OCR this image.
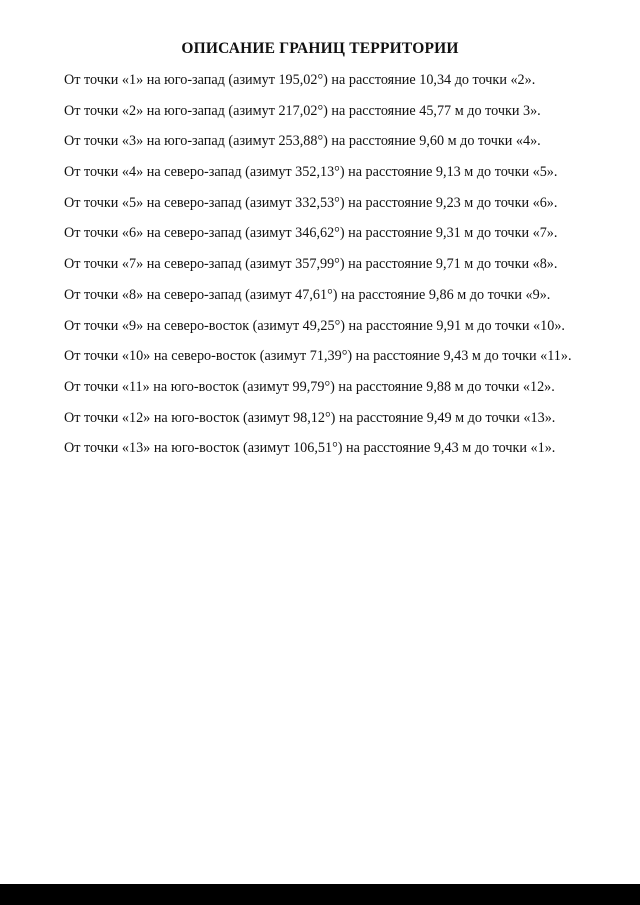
ОПИСАНИЕ ГРАНИЦ ТЕРРИТОРИИ
От точки «1» на юго-запад (азимут 195,02°) на расстояние 10,34 до точки «2».
От точки «2» на юго-запад (азимут 217,02°) на расстояние 45,77 м до точки 3».
От точки «3» на юго-запад (азимут 253,88°) на расстояние 9,60 м до точки «4».
От точки «4» на северо-запад (азимут 352,13°) на расстояние 9,13 м до точки «5».
От точки «5» на северо-запад (азимут 332,53°) на расстояние 9,23 м до точки «6».
От точки «6» на северо-запад (азимут 346,62°) на расстояние 9,31 м до точки «7».
От точки «7» на северо-запад (азимут 357,99°) на расстояние 9,71 м до точки «8».
От точки «8» на северо-запад (азимут 47,61°) на расстояние 9,86 м до точки «9».
От точки «9» на северо-восток (азимут 49,25°) на расстояние 9,91 м до точки «10».
От точки «10» на северо-восток (азимут 71,39°) на расстояние 9,43 м до точки «11».
От точки «11» на юго-восток (азимут 99,79°) на расстояние 9,88 м до точки «12».
От точки «12» на юго-восток (азимут 98,12°) на расстояние 9,49 м до точки «13».
От точки «13» на юго-восток (азимут 106,51°) на расстояние 9,43 м до точки «1».
